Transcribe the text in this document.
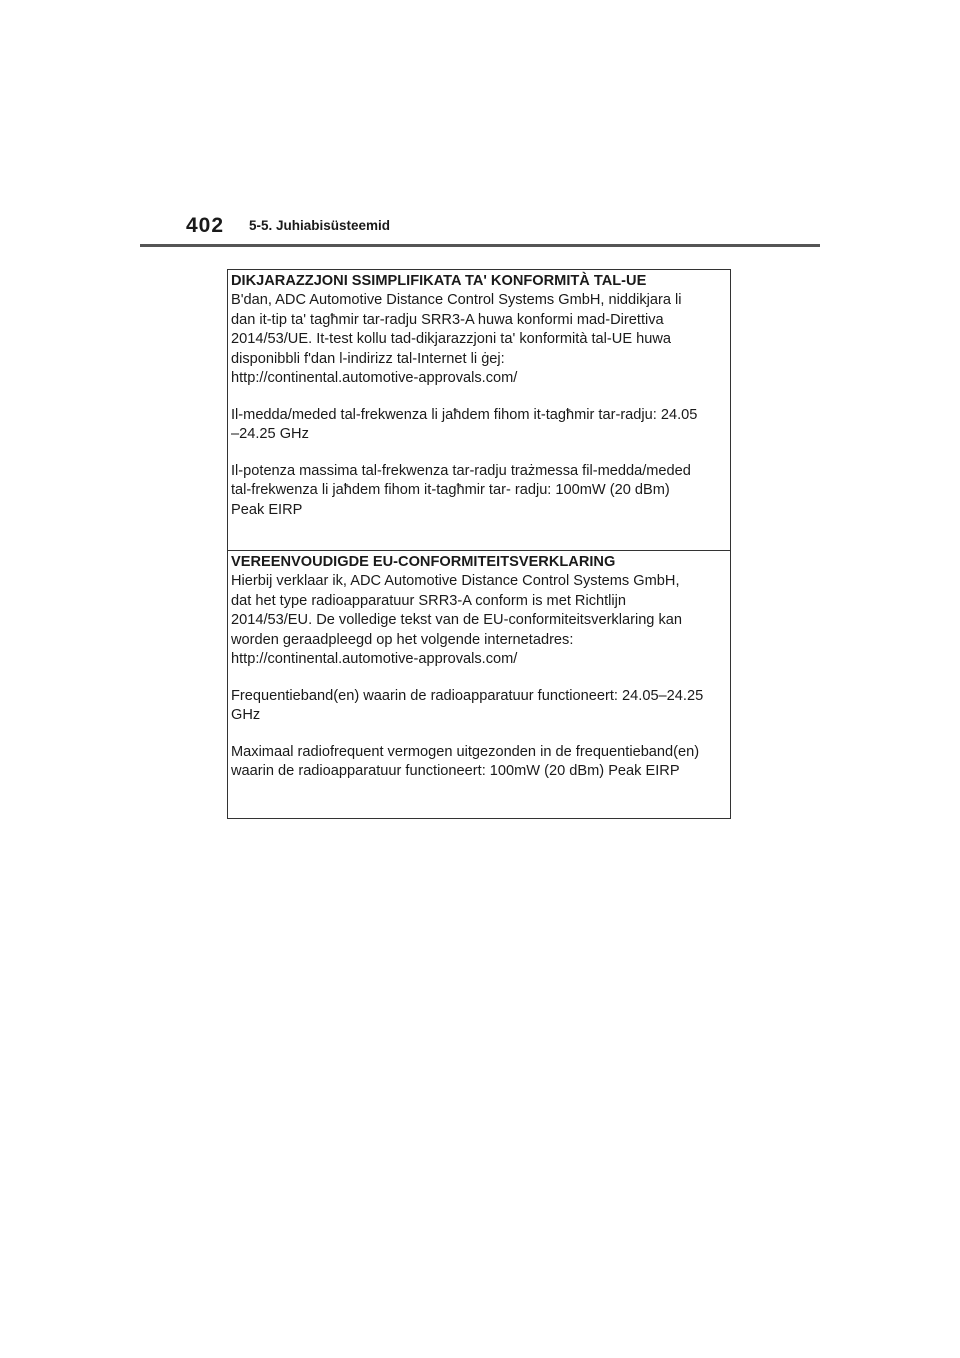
402 5-5. Juhiabisüsteemid

DIKJARAZZJONI SSIMPLIFIKATA TA' KONFORMITÀ TAL-UE

B'dan, ADC Automotive Distance Control Systems GmbH, niddikjara li
dan it-tip ta' tagħmir tar-radju SRR3-A huwa konformi mad-Direttiva
2014/53/UE. It-test kollu tad-dikjarazzjoni ta' konformità tal-UE huwa
disponibbli f'dan l-indirizz tal-Internet li ġej:
http://continental.automotive-approvals.com/

Il-medda/meded tal-frekwenza li jaħdem fihom it-tagħmir tar-radju: 24.05
–24.25 GHz

Il-potenza massima tal-frekwenza tar-radju trażmessa fil-medda/meded
tal-frekwenza li jaħdem fihom it-tagħmir tar- radju: 100mW (20 dBm)
Peak EIRP

VEREENVOUDIGDE EU-CONFORMITEITSVERKLARING

Hierbij verklaar ik, ADC Automotive Distance Control Systems GmbH,
dat het type radioapparatuur SRR3-A conform is met Richtlijn
2014/53/EU. De volledige tekst van de EU-conformiteitsverklaring kan
worden geraadpleegd op het volgende internetadres:
http://continental.automotive-approvals.com/

Frequentieband(en) waarin de radioapparatuur functioneert: 24.05–24.25
GHz

Maximaal radiofrequent vermogen uitgezonden in de frequentieband(en)
waarin de radioapparatuur functioneert: 100mW (20 dBm) Peak EIRP
